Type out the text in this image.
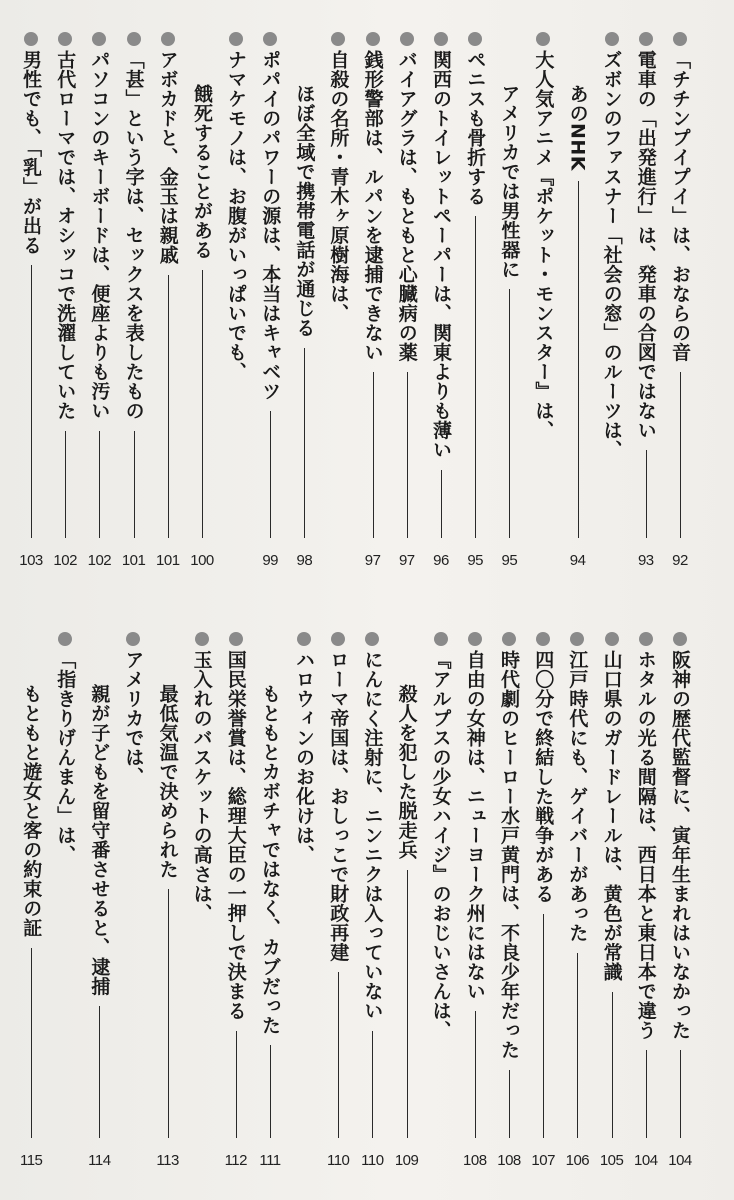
「チチンプイプイ」は、おならの音
92
電車の「出発進行」は、発車の合図ではない
93
ズボンのファスナー「社会の窓」のルーツは、
あのNHK
94
大人気アニメ『ポケット・モンスター』は、
アメリカでは男性器に
95
ペニスも骨折する
95
関西のトイレットペーパーは、関東よりも薄い
96
バイアグラは、もともと心臓病の薬
97
銭形警部は、ルパンを逮捕できない
97
自殺の名所・青木ヶ原樹海は、
ほぼ全域で携帯電話が通じる
98
ポパイのパワーの源は、本当はキャベツ
99
ナマケモノは、お腹がいっぱいでも、
餓死することがある
100
アボカドと、金玉は親戚
101
「甚」という字は、セックスを表したもの
101
パソコンのキーボードは、便座よりも汚い
102
古代ローマでは、オシッコで洗濯していた
102
男性でも、「乳」が出る
103
阪神の歴代監督に、寅年生まれはいなかった
104
ホタルの光る間隔は、西日本と東日本で違う
104
山口県のガードレールは、黄色が常識
105
江戸時代にも、ゲイバーがあった
106
四〇分で終結した戦争がある
107
時代劇のヒーロー水戸黄門は、不良少年だった
108
自由の女神は、ニューヨーク州にはない
108
『アルプスの少女ハイジ』のおじいさんは、
殺人を犯した脱走兵
109
にんにく注射に、ニンニクは入っていない
110
ローマ帝国は、おしっこで財政再建
110
ハロウィンのお化けは、
もともとカボチャではなく、カブだった
111
国民栄誉賞は、総理大臣の一押しで決まる
112
玉入れのバスケットの高さは、
最低気温で決められた
113
アメリカでは、
親が子どもを留守番させると、逮捕
114
「指きりげんまん」は、
もともと遊女と客の約束の証
115
